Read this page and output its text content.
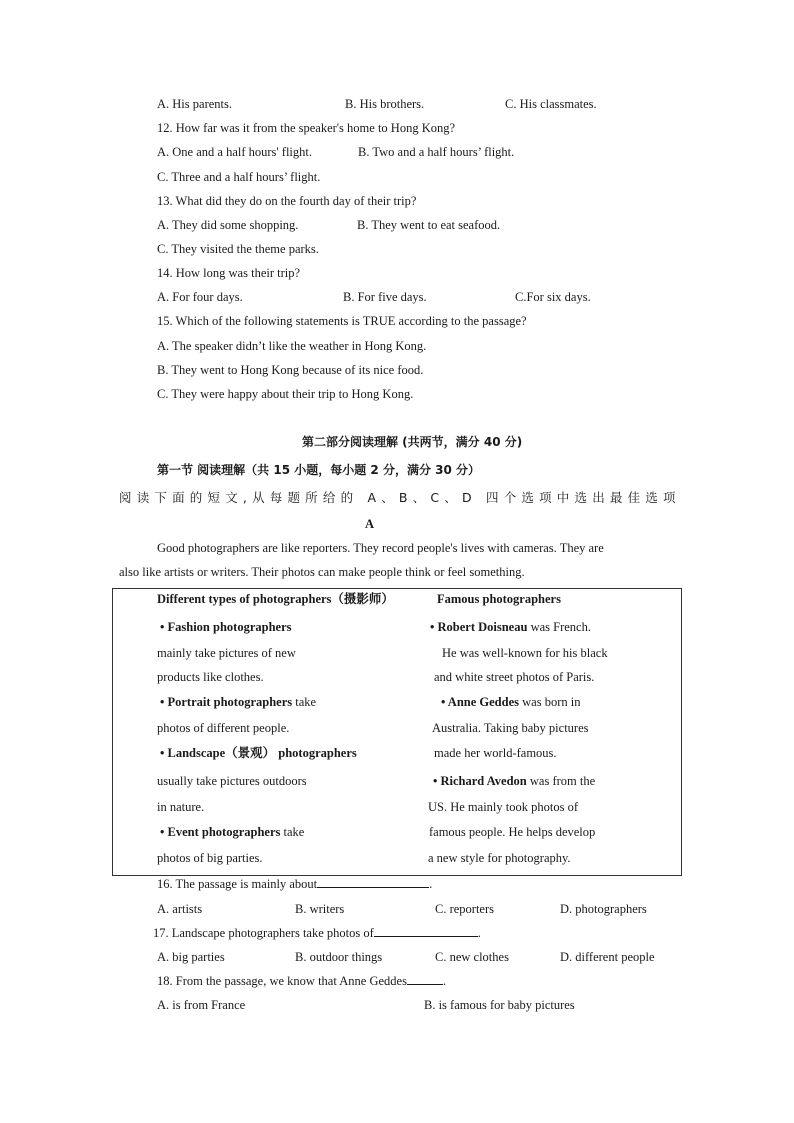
A. His parents.	B. His brothers.	C. His classmates.
12. How far was it from the speaker's home to Hong Kong?
A. One and a half hours' flight.	B. Two and a half hours’ flight.
C. Three and a half hours’ flight.
13. What did they do on the fourth day of their trip?
A. They did some shopping.	B. They went to eat seafood.
C. They visited the theme parks.
14. How long was their trip?
A. For four days.	B. For five days.	C.For six days.
15. Which of the following statements is TRUE according to the passage?
A. The speaker didn’t like the weather in Hong Kong.
B. They went to Hong Kong because of its nice food.
C. They were happy about their trip to Hong Kong.
第二部分阅读理解 (共两节，满分 40 分)
第一节 阅读理解（共 15 小题，每小题 2 分，满分 30 分）
阅读下面的短文,从每题所给的 A、B、C、D 四个选项中选出最佳选项
A
Good photographers are like reporters. They record people's lives with cameras. They are
also like artists or writers. Their photos can make people think or feel something.
Different types of photographers（摄影师）	Famous photographers
• Fashion photographers
mainly take pictures of new
products like clothes.
• Portrait photographers take
photos of different people.
• Landscape（景观） photographers
usually take pictures outdoors
in nature.
• Event photographers take
photos of big parties.
• Robert Doisneau was French.
He was well-known for his black
and white street photos of Paris.
• Anne Geddes was born in
Australia. Taking baby pictures
made her world-famous.
• Richard Avedon was from the
US. He mainly took photos of
famous people. He helps develop
a new style for photography.
16. The passage is mainly about	.
A. artists	B. writers	C. reporters	D. photographers
17. Landscape photographers take photos of	.
A. big parties	B. outdoor things	C. new clothes	D. different people
18. From the passage, we know that Anne Geddes	.
A. is from France	B. is famous for baby pictures
